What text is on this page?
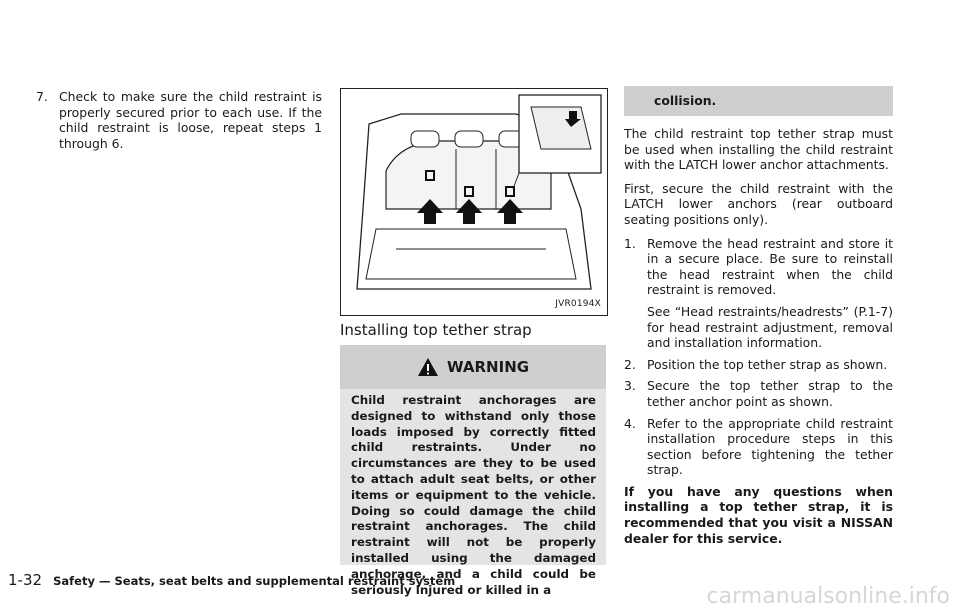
7. Check to make sure the child restraint is properly secured prior to each use. If the child restraint is loose, repeat steps 1 through 6.

JVR0194X
Installing top tether strap
WARNING

Child restraint anchorages are designed to withstand only those loads imposed by correctly fitted child restraints. Under no circumstances are they to be used to attach adult seat belts, or other items or equipment to the vehicle. Doing so could damage the child restraint anchorages. The child restraint will not be properly installed using the damaged anchorage, and a child could be seriously injured or killed in a

collision.

The child restraint top tether strap must be used when installing the child restraint with the LATCH lower anchor attachments.

First, secure the child restraint with the LATCH lower anchors (rear outboard seating positions only).

1. Remove the head restraint and store it in a secure place. Be sure to reinstall the head restraint when the child restraint is removed.

See “Head restraints/headrests” (P.1-7) for head restraint adjustment, removal and installation information.

2. Position the top tether strap as shown.

3. Secure the top tether strap to the tether anchor point as shown.

4. Refer to the appropriate child restraint installation procedure steps in this section before tightening the tether strap.

If you have any questions when installing a top tether strap, it is recommended that you visit a NISSAN dealer for this service.

1-32 Safety — Seats, seat belts and supplemental restraint system
carmanualsonline.info
